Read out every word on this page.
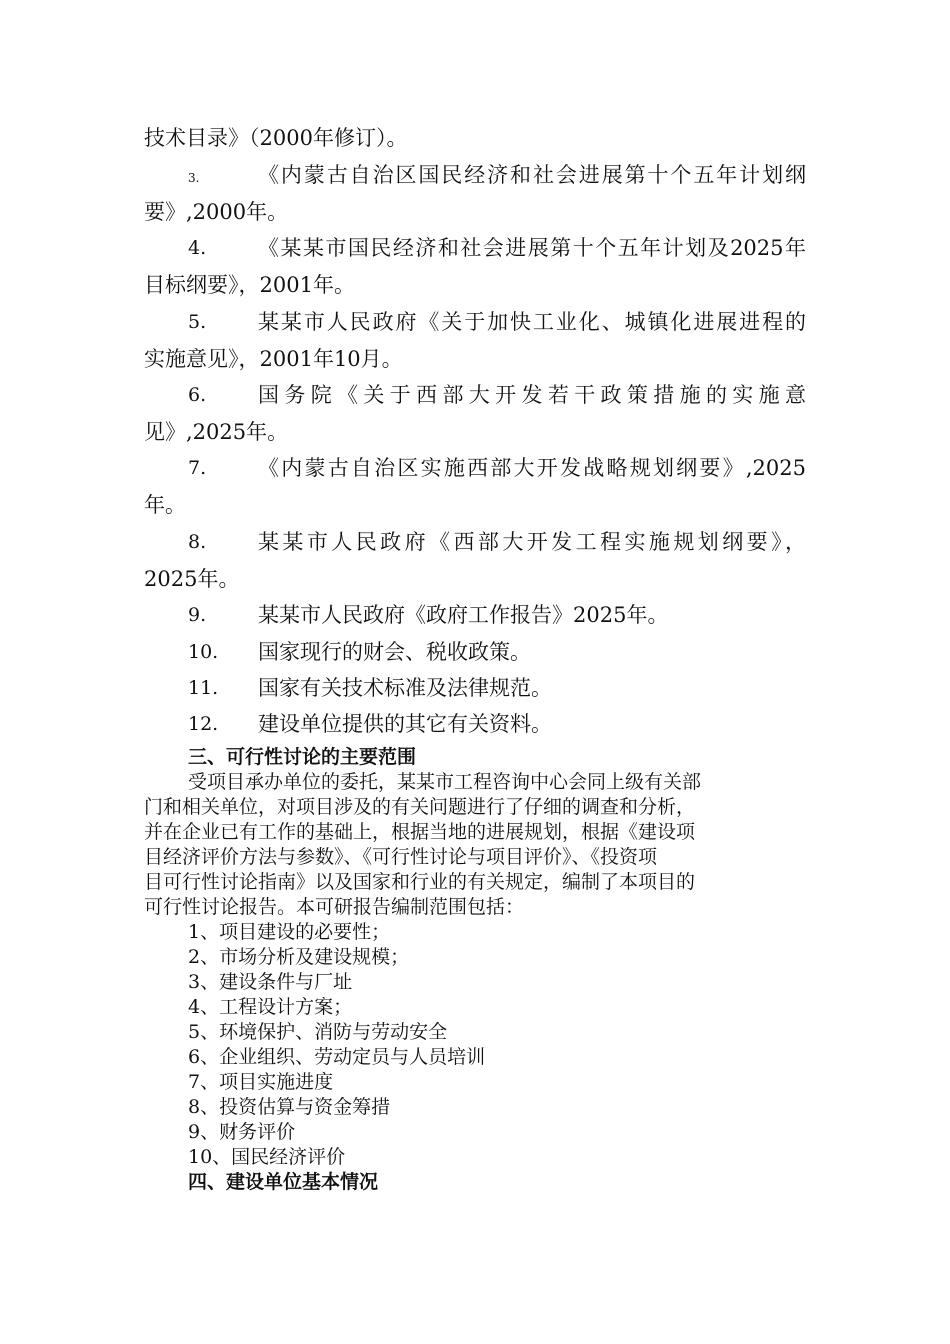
技术目录》（2000年修订）。
3.	《内蒙古自治区国民经济和社会进展第十个五年计划纲
要》,2000年。
4. 《某某市国民经济和社会进展第十个五年计划及2025年
目标纲要》，2001年。
5. 某某市人民政府《关于加快工业化、城镇化进展进程的
实施意见》，2001年10月。
6. 国务院《关于西部大开发若干政策措施的实施意
见》,2025年。
7. 《内蒙古自治区实施西部大开发战略规划纲要》,2025
年。
8. 某某市人民政府《西部大开发工程实施规划纲要》，
2025年。
9. 某某市人民政府《政府工作报告》2025年。
10. 国家现行的财会、税收政策。
11. 国家有关技术标准及法律规范。
12. 建设单位提供的其它有关资料。
三、可行性讨论的主要范围
受项目承办单位的委托，某某市工程咨询中心会同上级有关部
门和相关单位，对项目涉及的有关问题进行了仔细的调查和分析，
并在企业已有工作的基础上，根据当地的进展规划，根据《建设项
目经济评价方法与参数》、《可行性讨论与项目评价》、《投资项
目可行性讨论指南》以及国家和行业的有关规定，编制了本项目的
可行性讨论报告。本可研报告编制范围包括：
1、项目建设的必要性；
2、市场分析及建设规模；
3、建设条件与厂址
4、工程设计方案；
5、环境保护、消防与劳动安全
6、企业组织、劳动定员与人员培训
7、项目实施进度
8、投资估算与资金筹措
9、财务评价
10、国民经济评价
四、建设单位基本情况
